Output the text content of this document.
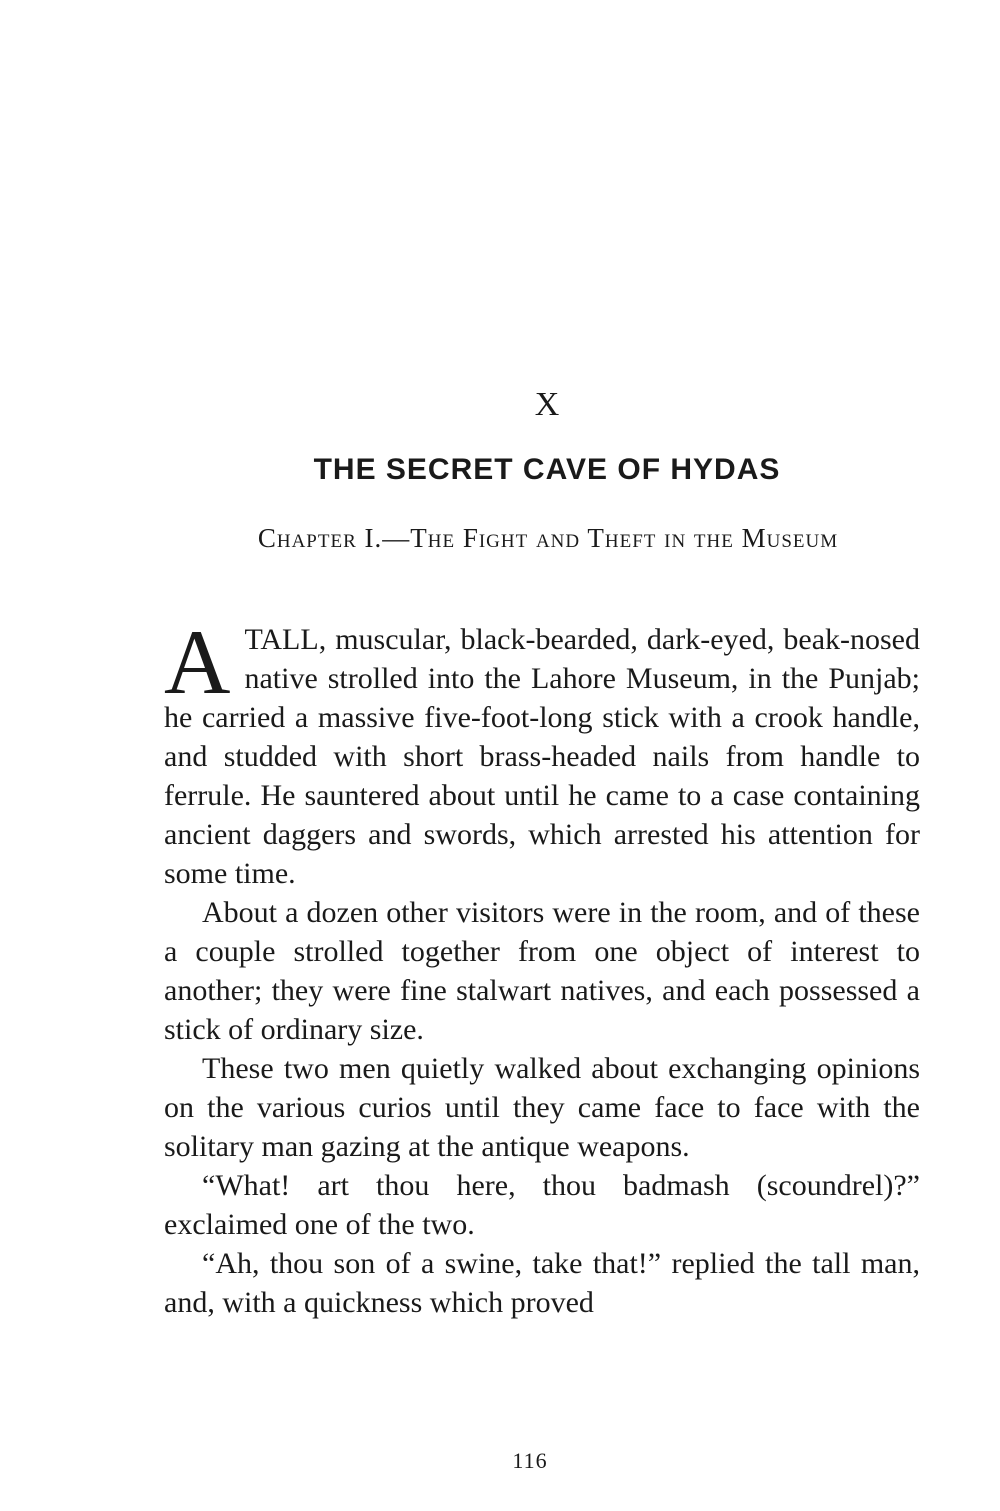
X
THE SECRET CAVE OF HYDAS
Chapter I.—The Fight and Theft in the Museum

A TALL, muscular, black-bearded, dark-eyed, beak-nosed native strolled into the Lahore Museum, in the Punjab; he carried a massive five-foot-long stick with a crook handle, and studded with short brass-headed nails from handle to ferrule. He sauntered about until he came to a case containing ancient daggers and swords, which arrested his attention for some time.

About a dozen other visitors were in the room, and of these a couple strolled together from one object of interest to another; they were fine stalwart natives, and each possessed a stick of ordinary size.

These two men quietly walked about exchanging opinions on the various curios until they came face to face with the solitary man gazing at the antique weapons.

“What! art thou here, thou badmash (scoundrel)?” exclaimed one of the two.

“Ah, thou son of a swine, take that!” replied the tall man, and, with a quickness which proved

116
